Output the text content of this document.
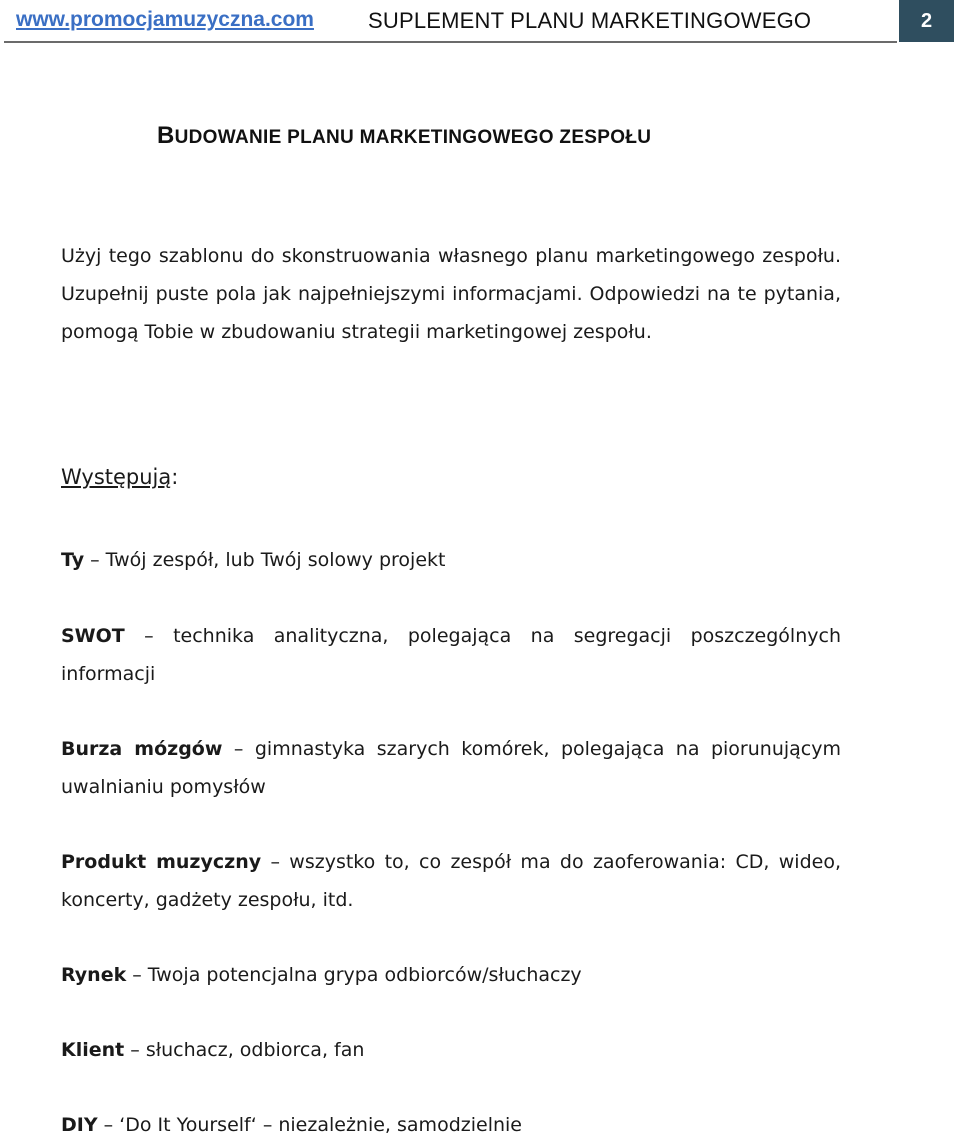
www.promocjamuzyczna.com SUPLEMENT PLANU MARKETINGOWEGO	2
BUDOWANIE PLANU MARKETINGOWEGO ZESPOŁU

Użyj tego szablonu do skonstruowania własnego planu marketingowego zespołu. Uzupełnij puste pola jak najpełniejszymi informacjami. Odpowiedzi na te pytania, pomogą Tobie w zbudowaniu strategii marketingowej zespołu.

Występują:

Ty – Twój zespół, lub Twój solowy projekt

SWOT – technika analityczna, polegająca na segregacji poszczególnych informacji

Burza mózgów – gimnastyka szarych komórek, polegająca na piorunującym uwalnianiu pomysłów

Produkt muzyczny – wszystko to, co zespół ma do zaoferowania: CD, wideo, koncerty, gadżety zespołu, itd.

Rynek – Twoja potencjalna grypa odbiorców/słuchaczy

Klient – słuchacz, odbiorca, fan

DIY – ‘Do It Yourself‘ – niezależnie, samodzielnie
